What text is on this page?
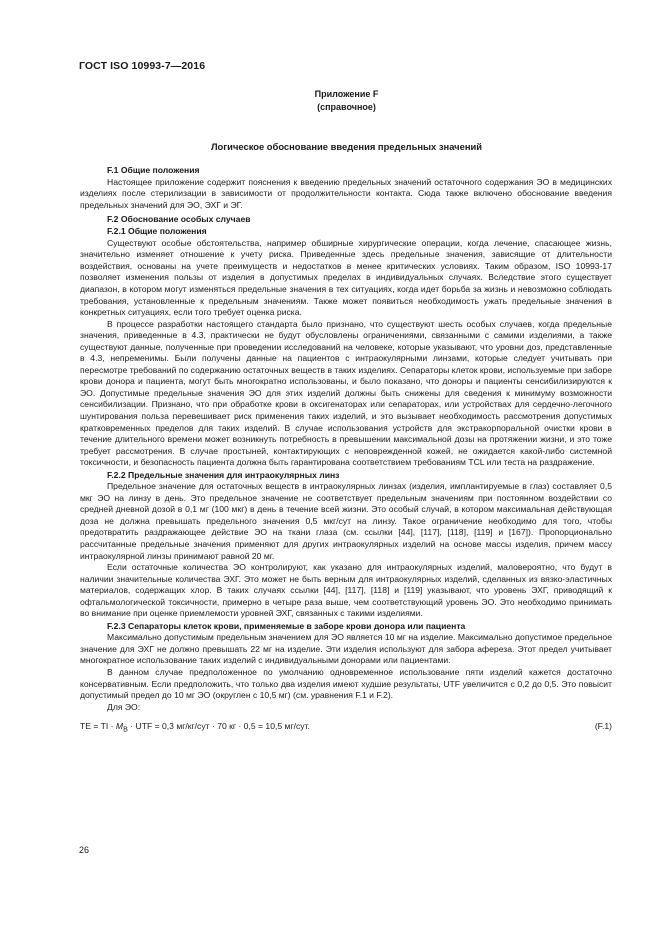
ГОСТ ISO 10993-7—2016
Приложение F
(справочное)
Логическое обоснование введения предельных значений

F.1 Общие положения

Настоящее приложение содержит пояснения к введению предельных значений остаточного содержания ЭО в медицинских изделиях после стерилизации в зависимости от продолжительности контакта. Сюда также включено обоснование введения предельных значений для ЭО, ЭХГ и ЭГ.

F.2 Обоснование особых случаев

F.2.1 Общие положения

Существуют особые обстоятельства, например обширные хирургические операции, когда лечение, спасающее жизнь, значительно изменяет отношение к учету риска. Приведенные здесь предельные значения, зависящие от длительности воздействия, основаны на учете преимуществ и недостатков в менее критических условиях. Таким образом, ISO 10993-17 позволяет изменения пользы от изделия в допустимых пределах в индивидуальных случаях. Вследствие этого существует диапазон, в котором могут изменяться предельные значения в тех ситуациях, когда идет борьба за жизнь и невозможно соблюдать требования, установленные к предельным значениям. Также может появиться необходимость ужать предельные значения в конкретных ситуациях, если того требует оценка риска.

В процессе разработки настоящего стандарта было признано, что существуют шесть особых случаев, когда предельные значения, приведенные в 4.3, практически не будут обусловлены ограничениями, связанными с самими изделиями, а также существуют данные, полученные при проведении исследований на человеке, которые указывают, что уровни доз, представленные в 4.3, непременимы. Были получены данные на пациентов с интраокулярными линзами, которые следует учитывать при пересмотре требований по содержанию остаточных веществ в таких изделиях. Сепараторы клеток крови, используемые при заборе крови донора и пациента, могут быть многократно использованы, и было показано, что доноры и пациенты сенсибилизируются к ЭО. Допустимые предельные значения ЭО для этих изделий должны быть снижены для сведения к минимуму возможности сенсибилизации. Признано, что при обработке крови в оксигенаторах или сепараторах, или устройствах для сердечно-легочного шунтирования польза перевешивает риск применения таких изделий, и это вызывает необходимость рассмотрения допустимых кратковременных пределов для таких изделий. В случае использования устройств для экстракорпоральной очистки крови в течение длительного времени может возникнуть потребность в превышении максимальной дозы на протяжении жизни, и это тоже требует рассмотрения. В случае простыней, контактирующих с неповрежденной кожей, не ожидается какой-либо системной токсичности, и безопасность пациента должна быть гарантирована соответствием требованиям TCL или теста на раздражение.

F.2.2 Предельные значения для интраокулярных линз

Предельное значение для остаточных веществ в интраокулярных линзах (изделия, имплантируемые в глаз) составляет 0,5 мкг ЭО на линзу в день. Это предельное значение не соответствует предельным значениям при постоянном воздействии со средней дневной дозой в 0,1 мг (100 мкг) в день в течение всей жизни. Это особый случай, в котором максимальная действующая доза не должна превышать предельного значения 0,5 мкг/сут на линзу. Такое ограничение необходимо для того, чтобы предотвратить раздражающее действие ЭО на ткани глаза (см. ссылки [44], [117], [118], [119] и [167]). Пропорционально рассчитанные предельные значения применяют для других интраокулярных изделий на основе массы изделия, причем массу интраокулярной линзы принимают равной 20 мг.

Если остаточные количества ЭО контролируют, как указано для интраокулярных изделий, маловероятно, что будут в наличии значительные количества ЭХГ. Это может не быть верным для интраокулярных изделий, сделанных из вязко-эластичных материалов, содержащих хлор. В таких случаях ссылки [44], [117], [118] и [119] указывают, что уровень ЭХГ, приводящий к офтальмологической токсичности, примерно в четыре раза выше, чем соответствующий уровень ЭО. Это необходимо принимать во внимание при оценке приемлемости уровней ЭХГ, связанных с такими изделиями.

F.2.3 Сепараторы клеток крови, применяемые в заборе крови донора или пациента

Максимально допустимым предельным значением для ЭО является 10 мг на изделие. Максимально допустимое предельное значение для ЭХГ не должно превышать 22 мг на изделие. Эти изделия используют для забора афереза. Этот предел учитывает многократное использование таких изделий с индивидуальными донорами или пациентами.

В данном случае предположенное по умолчанию одновременное использование пяти изделий кажется достаточно консервативным. Если предположить, что только два изделия имеют худшие результаты, UTF увеличится с 0,2 до 0,5. Это повысит допустимый предел до 10 мг ЭО (округлен с 10,5 мг) (см. уравнения F.1 и F.2).

Для ЭО:

TE = TI · $M_B$ · UTF = 0,3 мг/кг/сут · 70 кг · 0,5 = 10,5 мг/сут.	(F.1)

26
